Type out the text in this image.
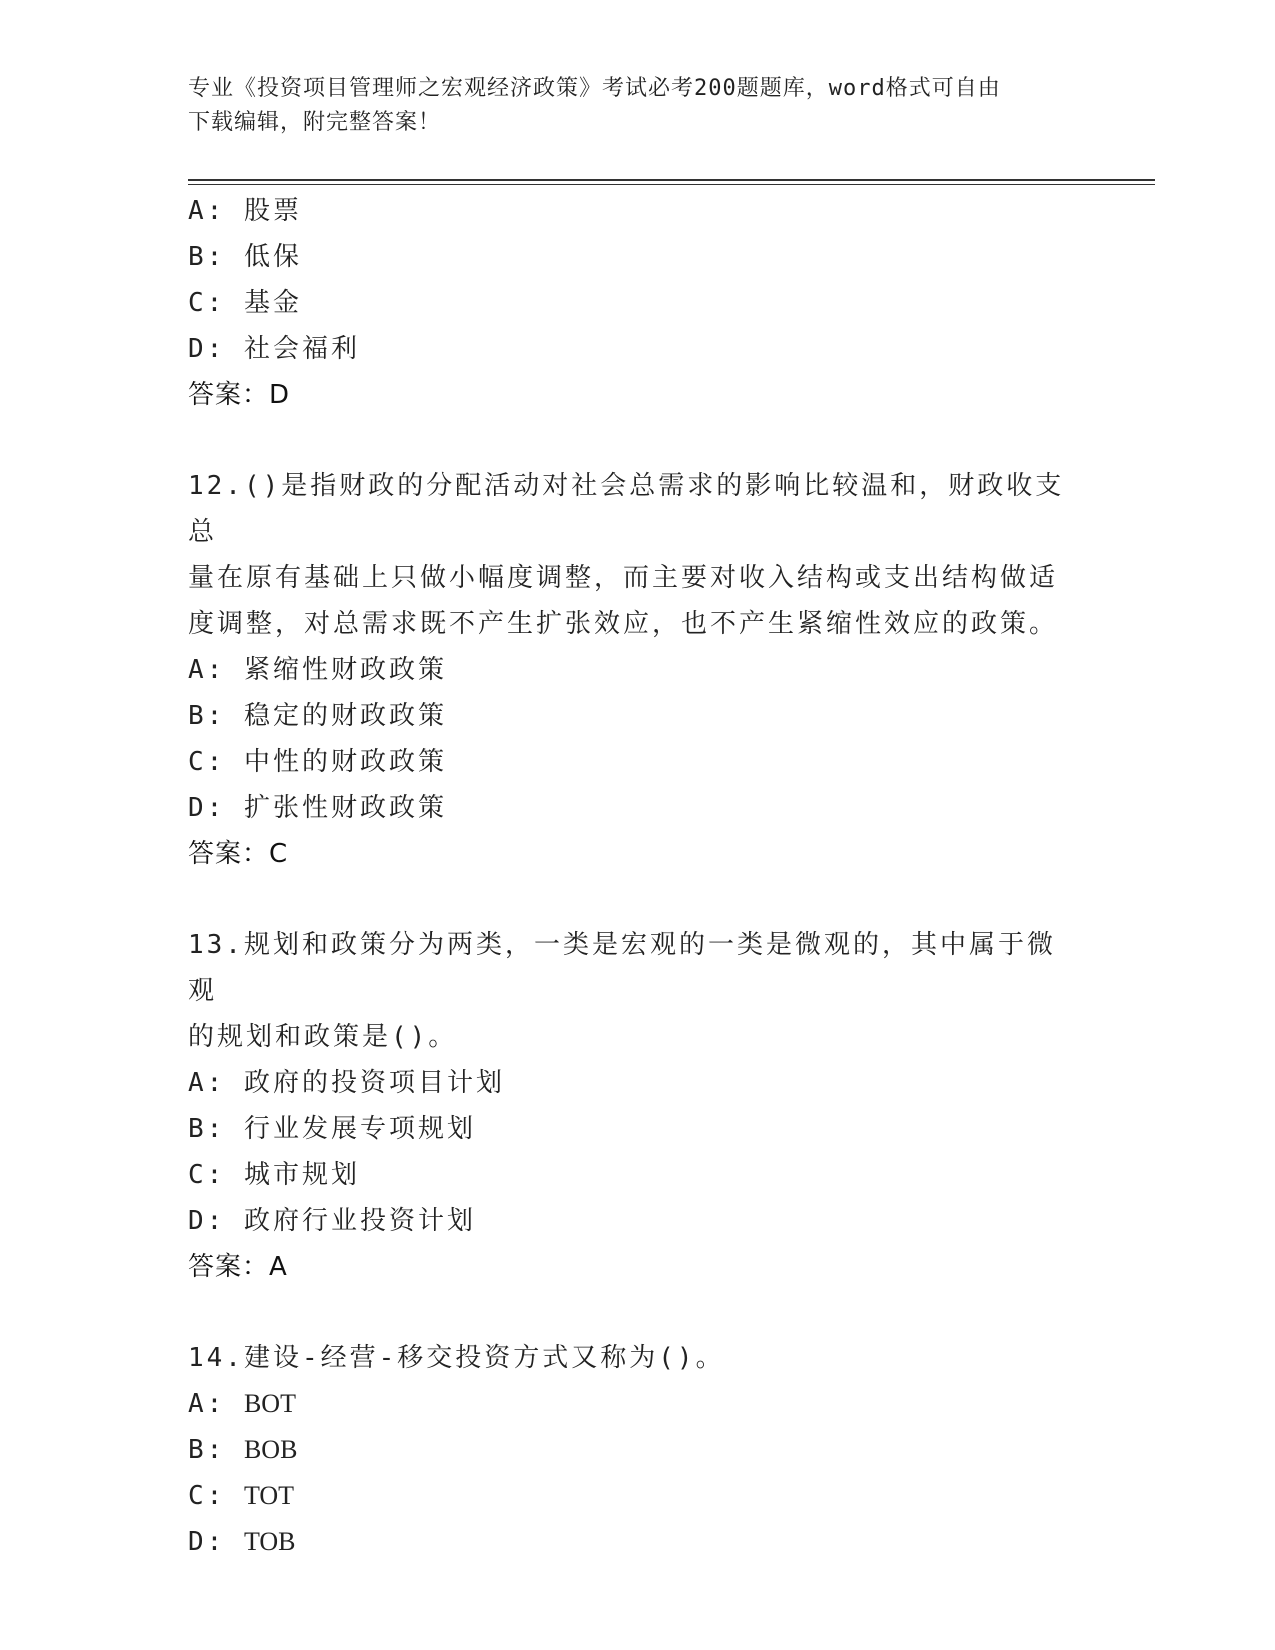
专业《投资项目管理师之宏观经济政策》考试必考200题题库，word格式可自由
下载编辑，附完整答案！
A: 股票
B: 低保
C: 基金
D: 社会福利
答案：D
12.()是指财政的分配活动对社会总需求的影响比较温和，财政收支总
量在原有基础上只做小幅度调整，而主要对收入结构或支出结构做适
度调整，对总需求既不产生扩张效应，也不产生紧缩性效应的政策。
A: 紧缩性财政政策
B: 稳定的财政政策
C: 中性的财政政策
D: 扩张性财政政策
答案：C
13.规划和政策分为两类，一类是宏观的一类是微观的，其中属于微观
的规划和政策是()。
A: 政府的投资项目计划
B: 行业发展专项规划
C: 城市规划
D: 政府行业投资计划
答案：A
14.建设-经营-移交投资方式又称为()。
A: BOT
B: BOB
C: TOT
D: TOB
